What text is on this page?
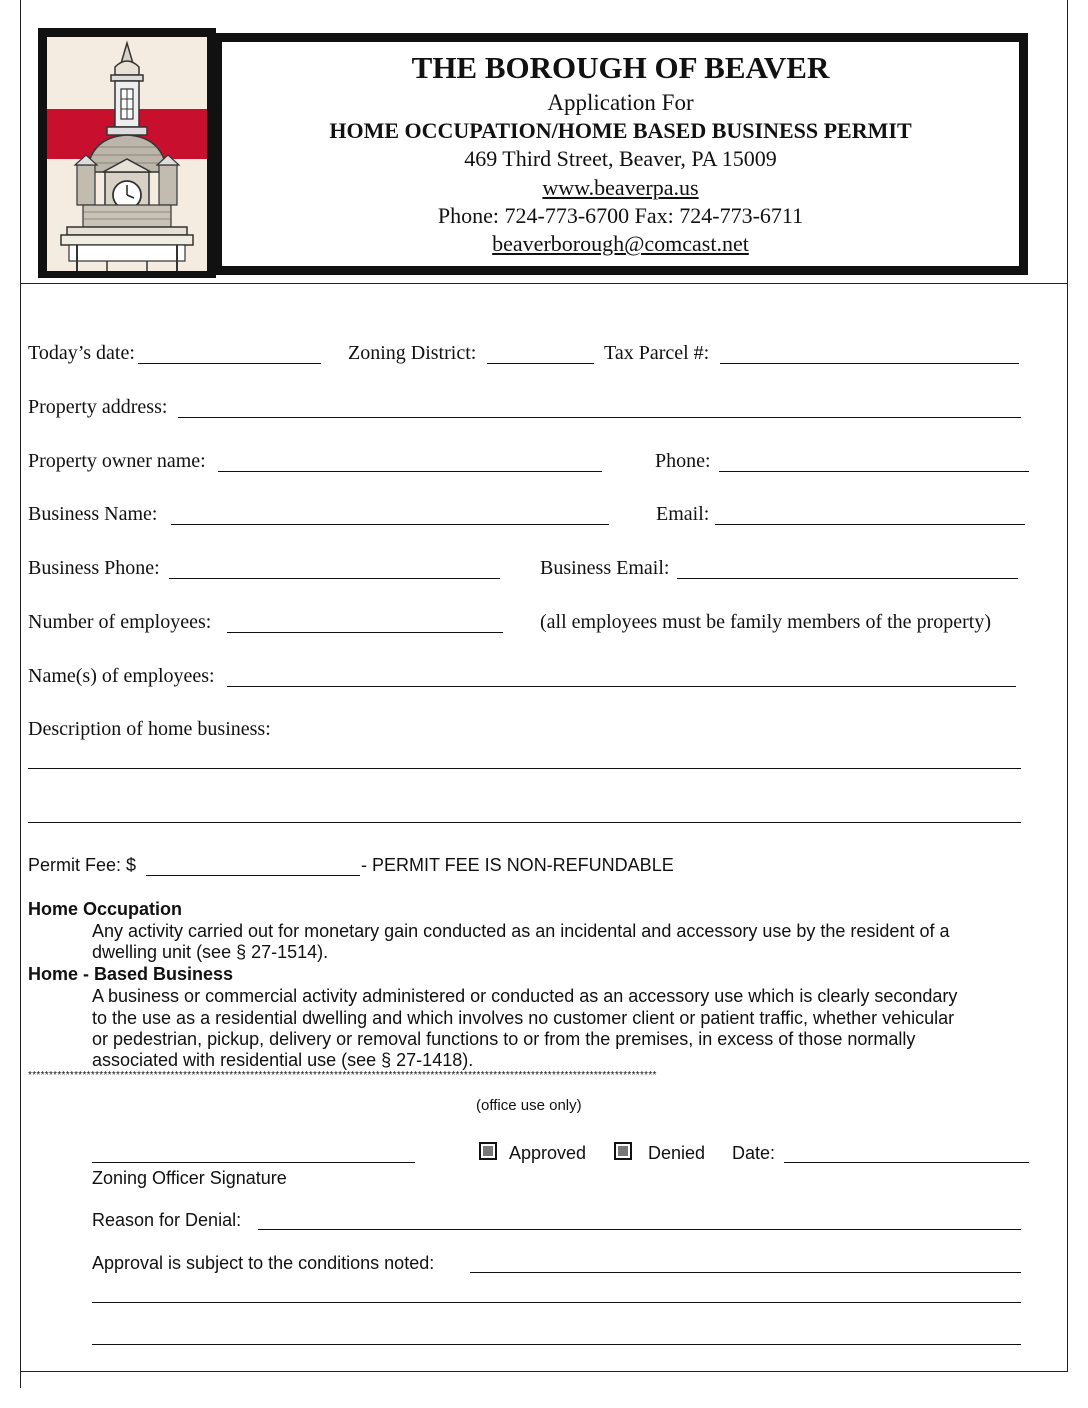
THE BOROUGH OF BEAVER
Application For
HOME OCCUPATION/HOME BASED BUSINESS PERMIT
469 Third Street, Beaver, PA 15009
www.beaverpa.us
Phone: 724-773-6700 Fax: 724-773-6711
beaverborough@comcast.net
Today’s date:	Zoning District:	Tax Parcel #:
Property address:
Property owner name:	Phone:
Business Name:	Email:
Business Phone:	Business Email:
Number of employees:	(all employees must be family members of the property)
Name(s) of employees:
Description of home business:
Permit Fee: $	- PERMIT FEE IS NON-REFUNDABLE
Home Occupation
Any activity carried out for monetary gain conducted as an incidental and accessory use by the resident of a
dwelling unit (see § 27-1514).
Home - Based Business
A business or commercial activity administered or conducted as an accessory use which is clearly secondary
to the use as a residential dwelling and which involves no customer client or patient traffic, whether vehicular
or pedestrian, pickup, delivery or removal functions to or from the premises, in excess of those normally
associated with residential use (see § 27-1418).
******************************************************************************************************************************************************
(office use only)
Approved	Denied Date:
Zoning Officer Signature
Reason for Denial:
Approval is subject to the conditions noted:
